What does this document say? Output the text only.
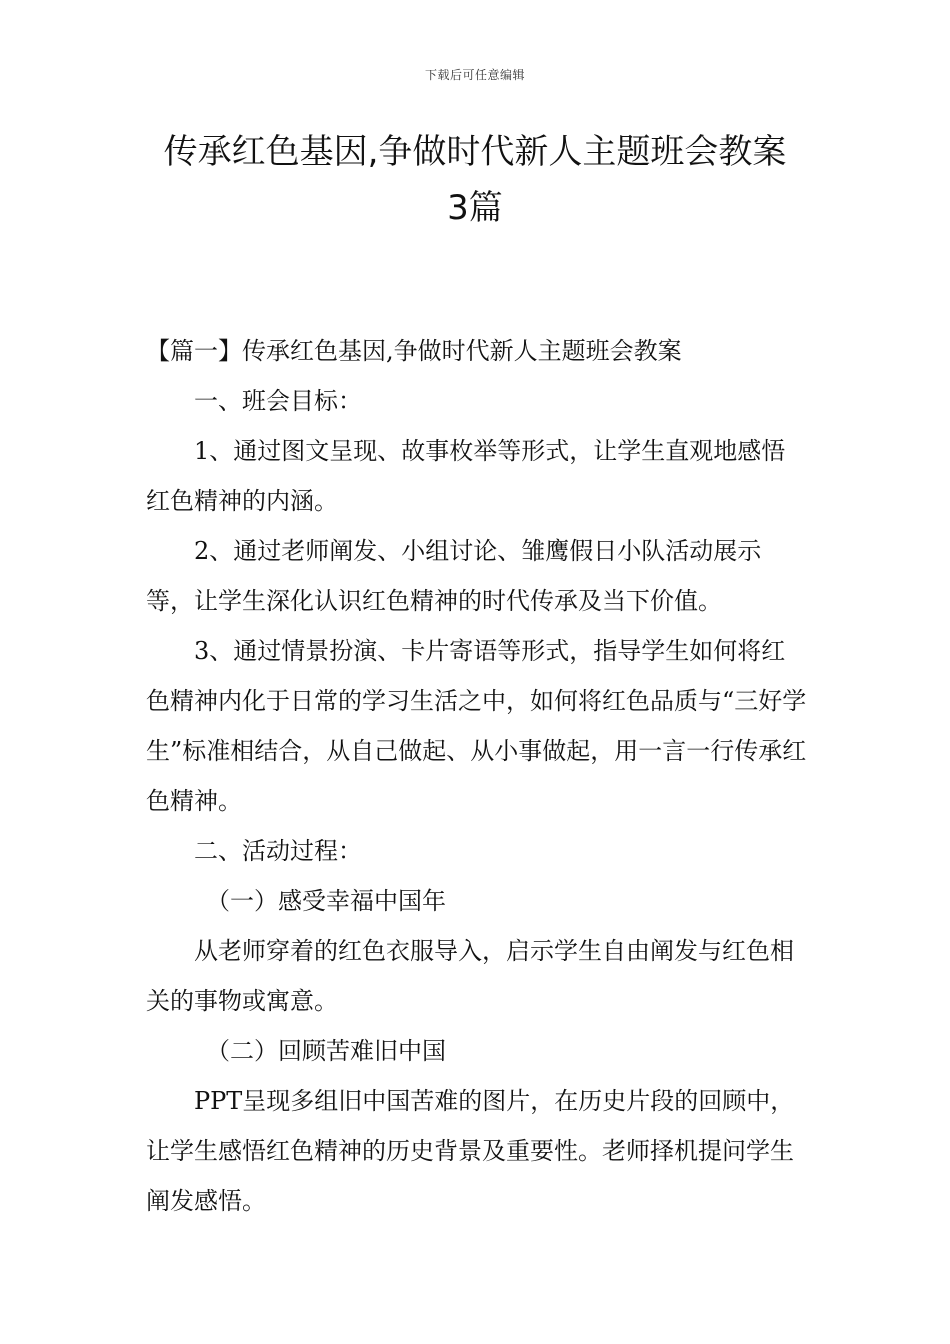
下载后可任意编辑
传承红色基因,争做时代新人主题班会教案
3篇

【篇一】传承红色基因,争做时代新人主题班会教案

一、班会目标：

1、通过图文呈现、故事枚举等形式，让学生直观地感悟红色精神的内涵。

2、通过老师阐发、小组讨论、雏鹰假日小队活动展示等，让学生深化认识红色精神的时代传承及当下价值。

3、通过情景扮演、卡片寄语等形式，指导学生如何将红色精神内化于日常的学习生活之中，如何将红色品质与“三好学生”标准相结合，从自己做起、从小事做起，用一言一行传承红色精神。

二、活动过程：

（一）感受幸福中国年

从老师穿着的红色衣服导入，启示学生自由阐发与红色相关的事物或寓意。

（二）回顾苦难旧中国

PPT呈现多组旧中国苦难的图片，在历史片段的回顾中，让学生感悟红色精神的历史背景及重要性。老师择机提问学生阐发感悟。
